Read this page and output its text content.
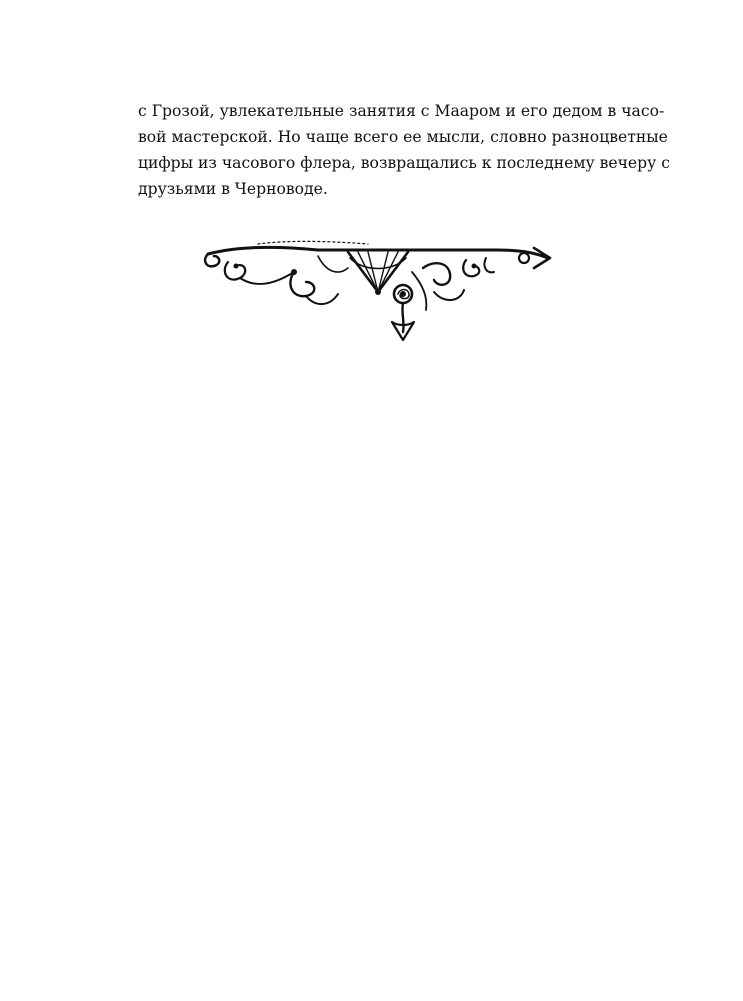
с Грозой, увлекательные занятия с Мааром и его дедом в часо-
вой мастерской. Но чаще всего ее мысли, словно разноцветные
цифры из часового флера, возвращались к последнему вечеру с
друзьями в Черноводе.
